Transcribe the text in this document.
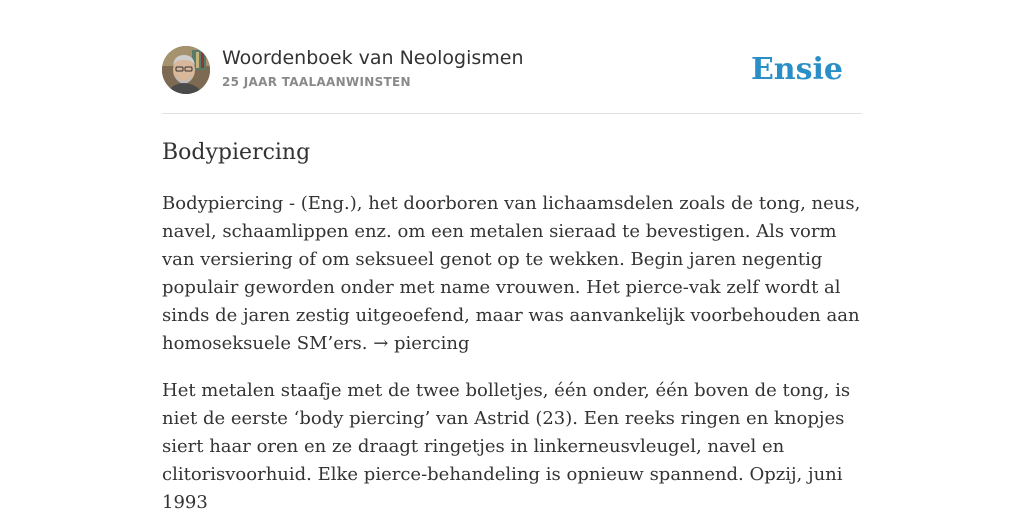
Woordenboek van Neologismen
25 JAAR TAALAANWINSTEN	Ensie
Bodypiercing

Bodypiercing - (Eng.), het doorboren van lichaamsdelen zoals de tong, neus, navel, schaamlippen enz. om een metalen sieraad te bevestigen. Als vorm van versiering of om seksueel genot op te wekken. Begin jaren negentig populair geworden onder met name vrouwen. Het pierce-vak zelf wordt al sinds de jaren zestig uitgeoefend, maar was aanvankelijk voorbehouden aan homoseksuele SM’ers. → piercing

Het metalen staafje met de twee bolletjes, één onder, één boven de tong, is niet de eerste ‘body piercing’ van Astrid (23). Een reeks ringen en knopjes siert haar oren en ze draagt ringetjes in linkerneusvleugel, navel en clitorisvoorhuid. Elke pierce-behandeling is opnieuw spannend. Opzij, juni 1993
